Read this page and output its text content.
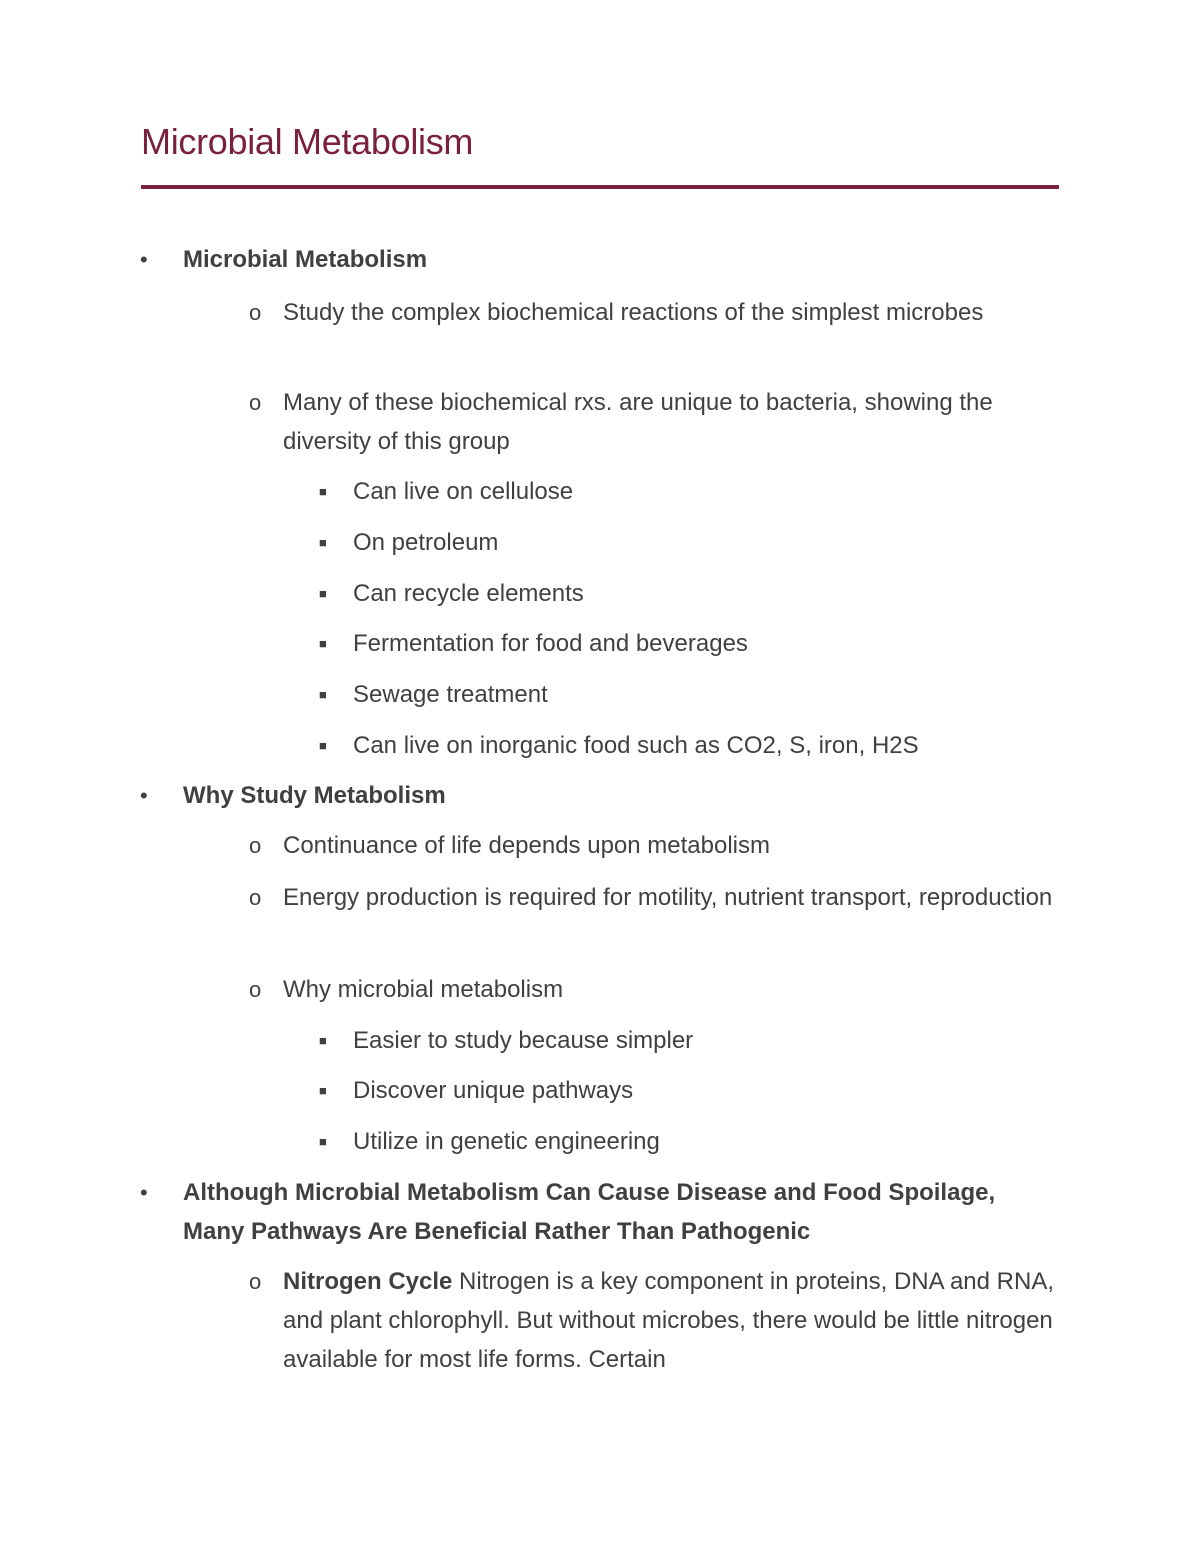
Microbial Metabolism
• Microbial Metabolism
o Study the complex biochemical reactions of the simplest microbes
o Many of these biochemical rxs. are unique to bacteria, showing the diversity of this group
■ Can live on cellulose
■ On petroleum
■ Can recycle elements
■ Fermentation for food and beverages
■ Sewage treatment
■ Can live on inorganic food such as CO2, S, iron, H2S
• Why Study Metabolism
o Continuance of life depends upon metabolism
o Energy production is required for motility, nutrient transport, reproduction
o Why microbial metabolism
■ Easier to study because simpler
■ Discover unique pathways
■ Utilize in genetic engineering
• Although Microbial Metabolism Can Cause Disease and Food Spoilage, Many Pathways Are Beneficial Rather Than Pathogenic
o Nitrogen Cycle Nitrogen is a key component in proteins, DNA and RNA, and plant chlorophyll. But without microbes, there would be little nitrogen available for most life forms. Certain
